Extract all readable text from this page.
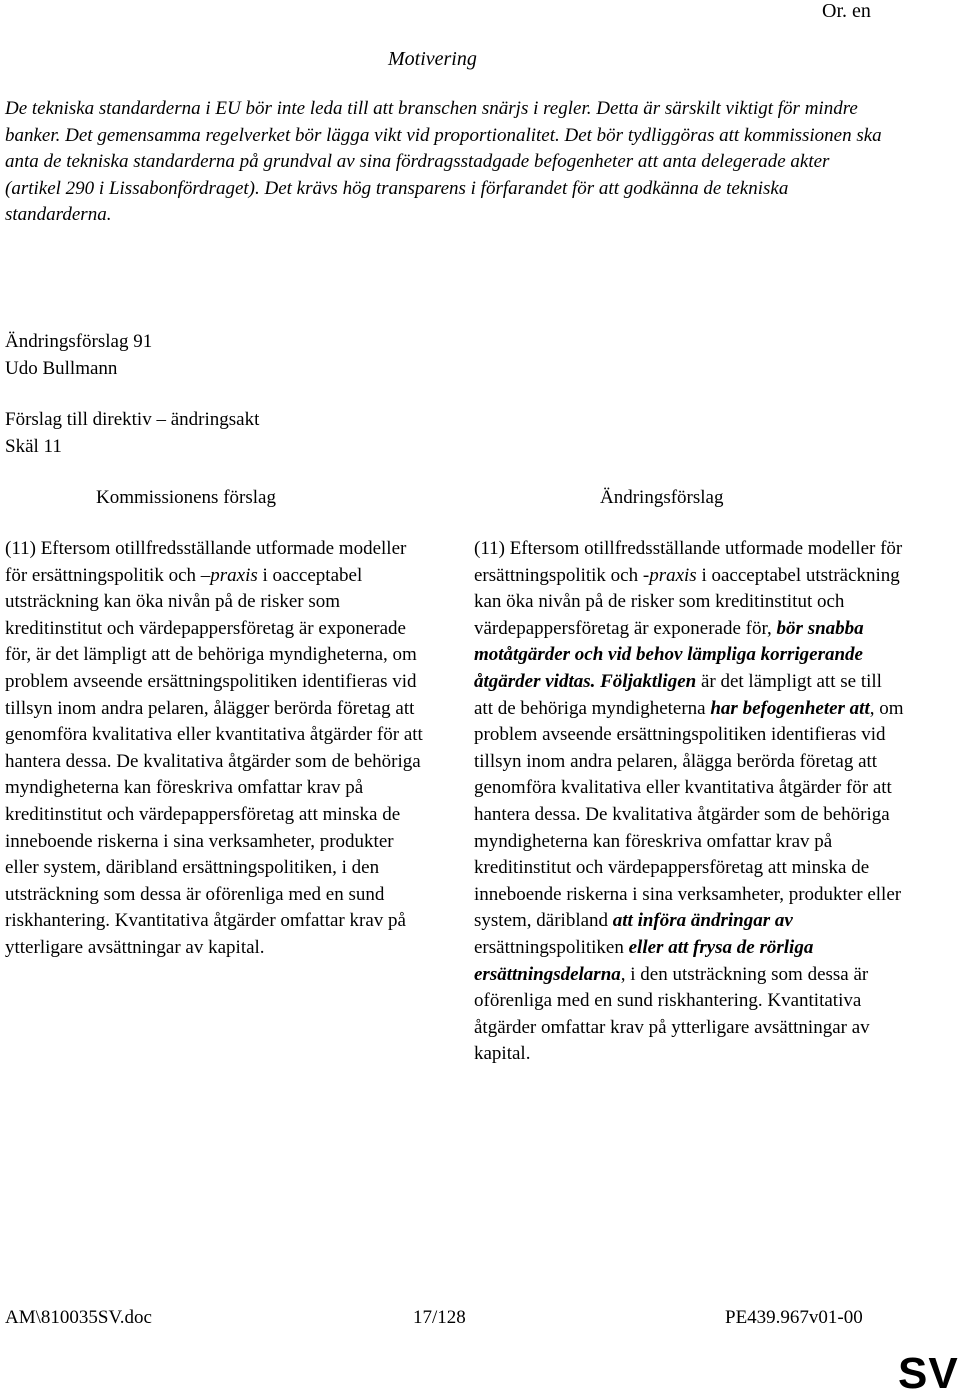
Or. en
Motivering
De tekniska standarderna i EU bör inte leda till att branschen snärjs i regler. Detta är särskilt viktigt för mindre banker. Det gemensamma regelverket bör lägga vikt vid proportionalitet. Det bör tydliggöras att kommissionen ska anta de tekniska standarderna på grundval av sina fördragsstadgade befogenheter att anta delegerade akter (artikel 290 i Lissabonfördraget). Det krävs hög transparens i förfarandet för att godkänna de tekniska standarderna.
Ändringsförslag 91
Udo Bullmann
Förslag till direktiv – ändringsakt
Skäl 11
Kommissionens förslag	Ändringsförslag
(11) Eftersom otillfredsställande utformade modeller för ersättningspolitik och –praxis i oacceptabel utsträckning kan öka nivån på de risker som kreditinstitut och värdepappersföretag är exponerade för, är det lämpligt att de behöriga myndigheterna, om problem avseende ersättningspolitiken identifieras vid tillsyn inom andra pelaren, ålägger berörda företag att genomföra kvalitativa eller kvantitativa åtgärder för att hantera dessa. De kvalitativa åtgärder som de behöriga myndigheterna kan föreskriva omfattar krav på kreditinstitut och värdepappersföretag att minska de inneboende riskerna i sina verksamheter, produkter eller system, däribland ersättningspolitiken, i den utsträckning som dessa är oförenliga med en sund riskhantering. Kvantitativa åtgärder omfattar krav på ytterligare avsättningar av kapital.
(11) Eftersom otillfredsställande utformade modeller för ersättningspolitik och -praxis i oacceptabel utsträckning kan öka nivån på de risker som kreditinstitut och värdepappersföretag är exponerade för, bör snabba motåtgärder och vid behov lämpliga korrigerande åtgärder vidtas. Följaktligen är det lämpligt att se till att de behöriga myndigheterna har befogenheter att, om problem avseende ersättningspolitiken identifieras vid tillsyn inom andra pelaren, ålägga berörda företag att genomföra kvalitativa eller kvantitativa åtgärder för att hantera dessa. De kvalitativa åtgärder som de behöriga myndigheterna kan föreskriva omfattar krav på kreditinstitut och värdepappersföretag att minska de inneboende riskerna i sina verksamheter, produkter eller system, däribland att införa ändringar av ersättningspolitiken eller att frysa de rörliga ersättningsdelarna, i den utsträckning som dessa är oförenliga med en sund riskhantering. Kvantitativa åtgärder omfattar krav på ytterligare avsättningar av kapital.
AM\810035SV.doc	17/128	PE439.967v01-00
SV
